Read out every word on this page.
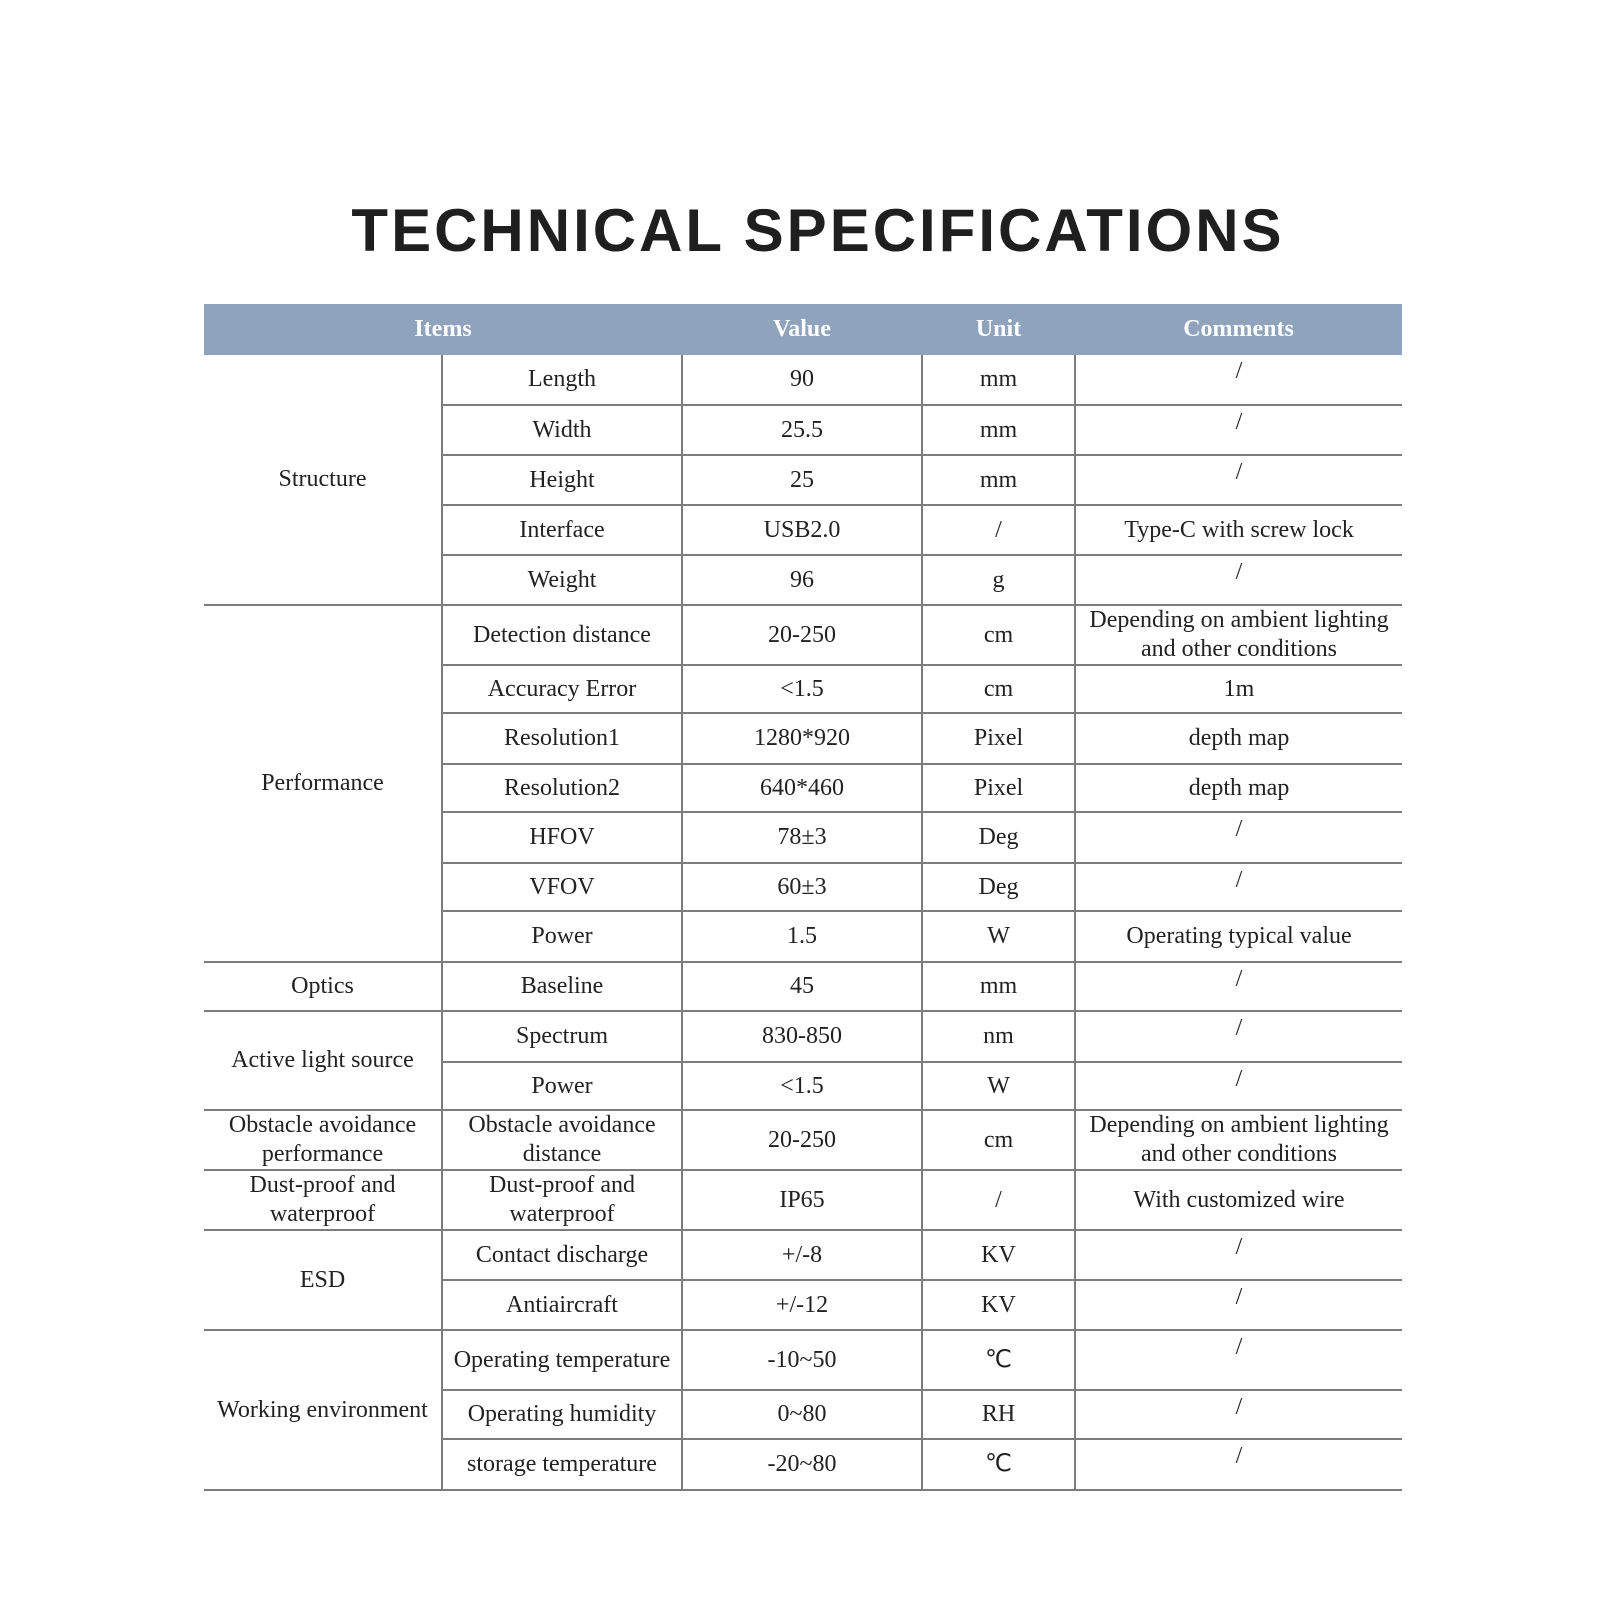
TECHNICAL SPECIFICATIONS
Items		Value	Unit	Comments
Structure	Length	90	mm	/
	Width	25.5	mm	/
	Height	25	mm	/
	Interface	USB2.0	/	Type-C with screw lock
	Weight	96	g	/
Performance	Detection distance	20-250	cm	Depending on ambient lighting and other conditions
	Accuracy Error	<1.5	cm	1m
	Resolution1	1280*920	Pixel	depth map
	Resolution2	640*460	Pixel	depth map
	HFOV	78±3	Deg	/
	VFOV	60±3	Deg	/
	Power	1.5	W	Operating typical value
Optics	Baseline	45	mm	/
Active light source	Spectrum	830-850	nm	/
	Power	<1.5	W	/
Obstacle avoidance performance	Obstacle avoidance distance	20-250	cm	Depending on ambient lighting and other conditions
Dust-proof and waterproof	Dust-proof and waterproof	IP65	/	With customized wire
ESD	Contact discharge	+/-8	KV	/
	Antiaircraft	+/-12	KV	/
Working environment	Operating temperature	-10~50	℃	/
	Operating humidity	0~80	RH	/
	storage temperature	-20~80	℃	/
